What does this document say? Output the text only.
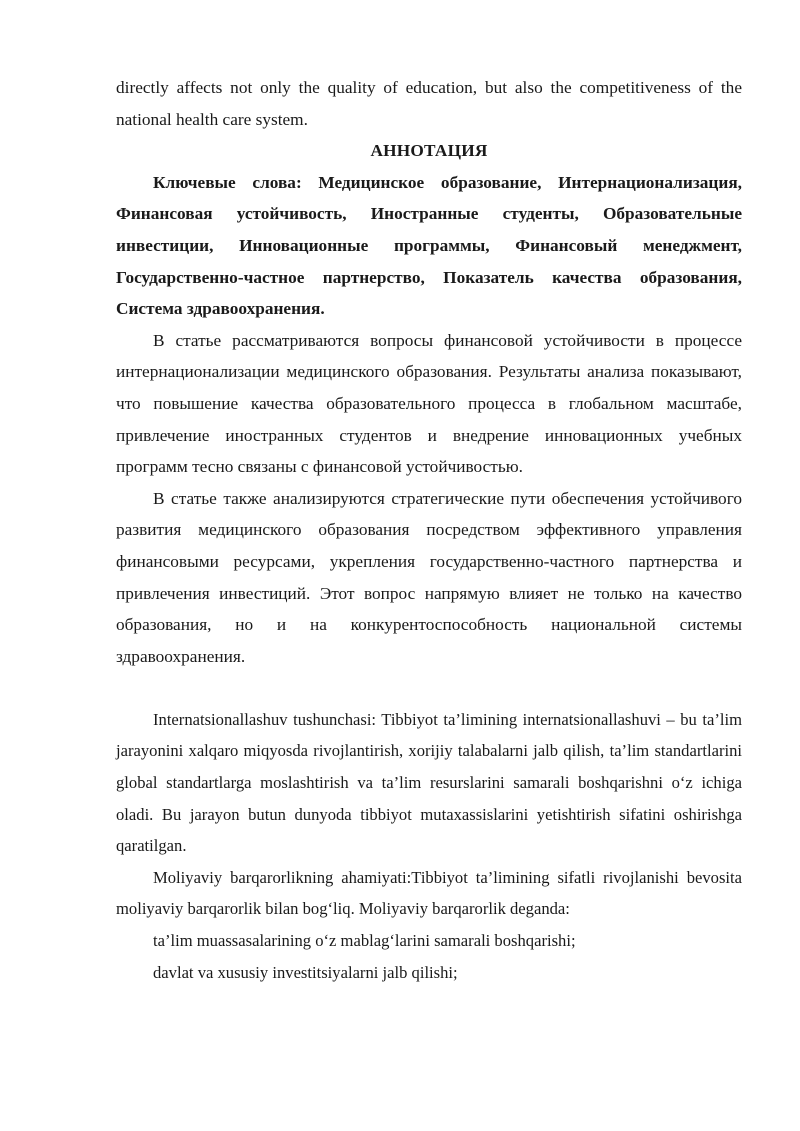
directly affects not only the quality of education, but also the competitiveness of the national health care system.

АННОТАЦИЯ

Ключевые слова: Медицинское образование, Интернационализация, Финансовая устойчивость, Иностранные студенты, Образовательные инвестиции, Инновационные программы, Финансовый менеджмент, Государственно-частное партнерство, Показатель качества образования, Система здравоохранения.

В статье рассматриваются вопросы финансовой устойчивости в процессе интернационализации медицинского образования. Результаты анализа показывают, что повышение качества образовательного процесса в глобальном масштабе, привлечение иностранных студентов и внедрение инновационных учебных программ тесно связаны с финансовой устойчивостью.

В статье также анализируются стратегические пути обеспечения устойчивого развития медицинского образования посредством эффективного управления финансовыми ресурсами, укрепления государственно-частного партнерства и привлечения инвестиций. Этот вопрос напрямую влияет не только на качество образования, но и на конкурентоспособность национальной системы здравоохранения.

Internatsionallashuv tushunchasi: Tibbiyot ta’limining internatsionallashuvi – bu ta’lim jarayonini xalqaro miqyosda rivojlantirish, xorijiy talabalarni jalb qilish, ta’lim standartlarini global standartlarga moslashtirish va ta’lim resurslarini samarali boshqarishni o‘z ichiga oladi. Bu jarayon butun dunyoda tibbiyot mutaxassislarini yetishtirish sifatini oshirishga qaratilgan.

Moliyaviy barqarorlikning ahamiyati:Tibbiyot ta’limining sifatli rivojlanishi bevosita moliyaviy barqarorlik bilan bog‘liq. Moliyaviy barqarorlik deganda:

ta’lim muassasalarining o‘z mablag‘larini samarali boshqarishi;

davlat va xususiy investitsiyalarni jalb qilishi;
